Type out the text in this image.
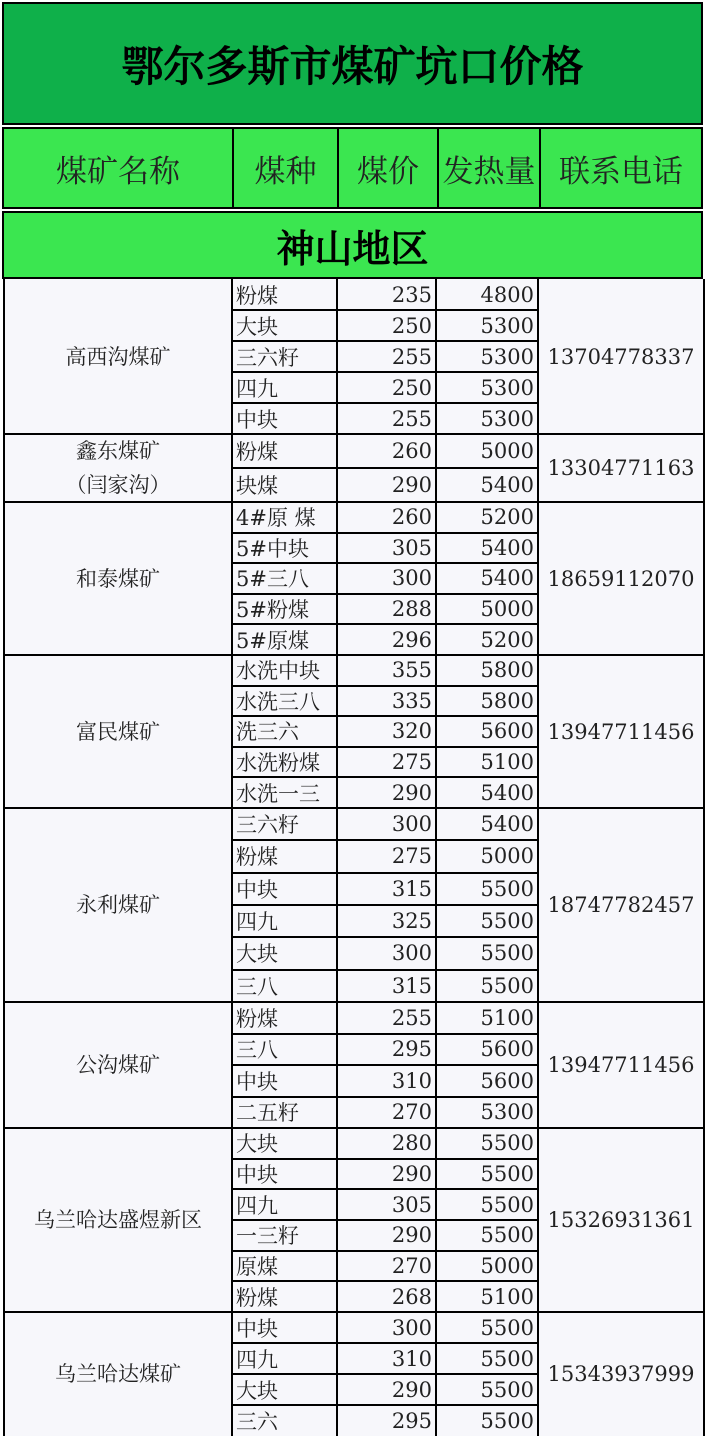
鄂尔多斯市煤矿坑口价格
煤矿名称	煤种	煤价 发热量 联系电话
神山地区
高西沟煤矿	13704778337
粉煤	235	4800
大块	250	5300
三六籽	255	5300
四九	250	5300
中块	255	5300
鑫东煤矿
（闫家沟）
13304771163
粉煤	260	5000
块煤	290	5400
和泰煤矿	18659112070
4#原 煤	260	5200
5#中块	305	5400
5#三八	300	5400
5#粉煤	288	5000
5#原煤	296	5200
富民煤矿	13947711456
水洗中块	355	5800
水洗三八	335	5800
洗三六	320	5600
水洗粉煤	275	5100
水洗一三	290	5400
永利煤矿	18747782457
三六籽	300	5400
粉煤	275	5000
中块	315	5500
四九	325	5500
大块	300	5500
三八	315	5500
公沟煤矿	13947711456
粉煤	255	5100
三八	295	5600
中块	310	5600
二五籽	270	5300
乌兰哈达盛煜新区	15326931361
大块	280	5500
中块	290	5500
四九	305	5500
一三籽	290	5500
原煤	270	5000
粉煤	268	5100
乌兰哈达煤矿	15343937999
中块	300	5500
四九	310	5500
大块	290	5500
三六	295	5500
